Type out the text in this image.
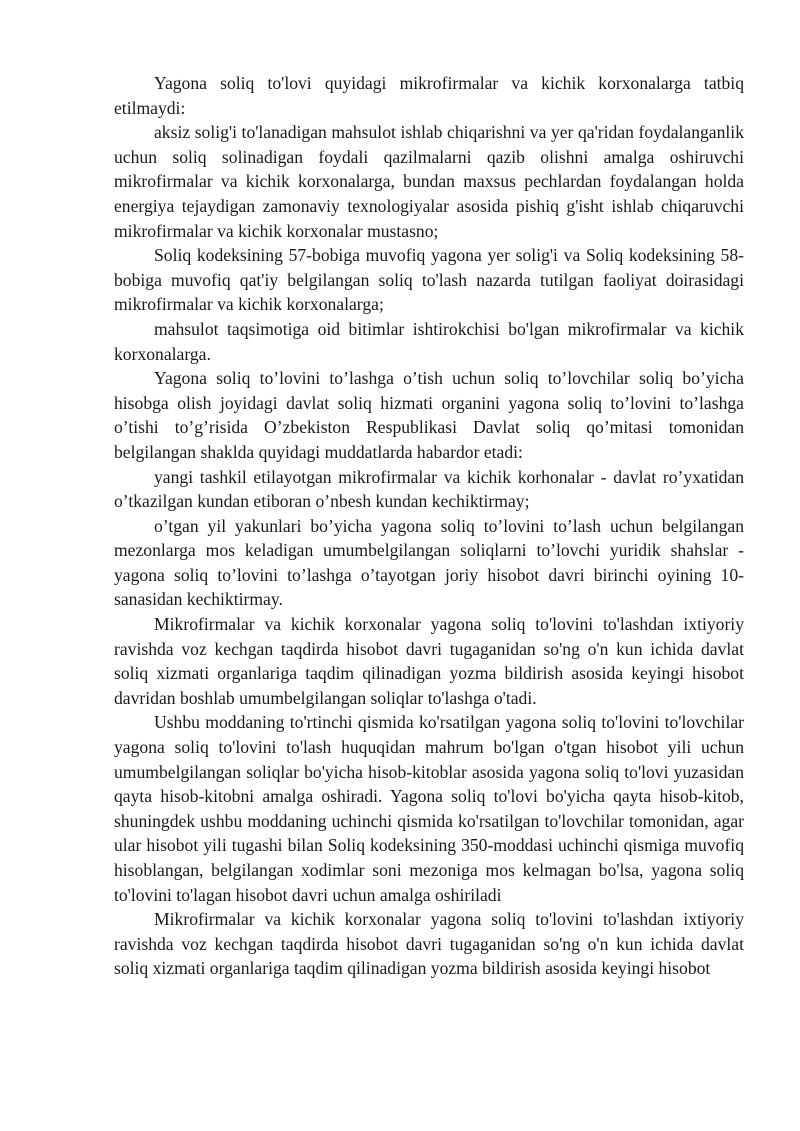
Yagona soliq to'lovi quyidagi mikrofirmalar va kichik korxonalarga tatbiq etilmaydi:

aksiz solig'i to'lanadigan mahsulot ishlab chiqarishni va yer qa'ridan foydalanganlik uchun soliq solinadigan foydali qazilmalarni qazib olishni amalga oshiruvchi mikrofirmalar va kichik korxonalarga, bundan maxsus pechlardan foydalangan holda energiya tejaydigan zamonaviy texnologiyalar asosida pishiq g'isht ishlab chiqaruvchi mikrofirmalar va kichik korxonalar mustasno;

Soliq kodeksining 57-bobiga muvofiq yagona yer solig'i va Soliq kodeksining 58-bobiga muvofiq qat'iy belgilangan soliq to'lash nazarda tutilgan faoliyat doirasidagi mikrofirmalar va kichik korxonalarga;

mahsulot taqsimotiga oid bitimlar ishtirokchisi bo'lgan mikrofirmalar va kichik korxonalarga.

Yagona soliq to’lovini to’lashga o’tish uchun soliq to’lovchilar soliq bo’yicha hisobga olish joyidagi davlat soliq hizmati organini yagona soliq to’lovini to’lashga o’tishi to’g’risida O’zbekiston Respublikasi Davlat soliq qo’mitasi tomonidan belgilangan shaklda quyidagi muddatlarda habardor etadi:

yangi tashkil etilayotgan mikrofirmalar va kichik korhonalar - davlat ro’yxatidan o’tkazilgan kundan etiboran o’nbesh kundan kechiktirmay;

o’tgan yil yakunlari bo’yicha yagona soliq to’lovini to’lash uchun belgilangan mezonlarga mos keladigan umumbelgilangan soliqlarni to’lovchi yuridik shahslar - yagona soliq to’lovini to’lashga o’tayotgan joriy hisobot davri birinchi oyining 10-sanasidan kechiktirmay.

Mikrofirmalar va kichik korxonalar yagona soliq to'lovini to'lashdan ixtiyoriy ravishda voz kechgan taqdirda hisobot davri tugaganidan so'ng o'n kun ichida davlat soliq xizmati organlariga taqdim qilinadigan yozma bildirish asosida keyingi hisobot davridan boshlab umumbelgilangan soliqlar to'lashga o'tadi.

Ushbu moddaning to'rtinchi qismida ko'rsatilgan yagona soliq to'lovini to'lovchilar yagona soliq to'lovini to'lash huquqidan mahrum bo'lgan o'tgan hisobot yili uchun umumbelgilangan soliqlar bo'yicha hisob-kitoblar asosida yagona soliq to'lovi yuzasidan qayta hisob-kitobni amalga oshiradi. Yagona soliq to'lovi bo'yicha qayta hisob-kitob, shuningdek ushbu moddaning uchinchi qismida ko'rsatilgan to'lovchilar tomonidan, agar ular hisobot yili tugashi bilan Soliq kodeksining 350-moddasi uchinchi qismiga muvofiq hisoblangan, belgilangan xodimlar soni mezoniga mos kelmagan bo'lsa, yagona soliq to'lovini to'lagan hisobot davri uchun amalga oshiriladi

Mikrofirmalar va kichik korxonalar yagona soliq to'lovini to'lashdan ixtiyoriy ravishda voz kechgan taqdirda hisobot davri tugaganidan so'ng o'n kun ichida davlat soliq xizmati organlariga taqdim qilinadigan yozma bildirish asosida keyingi hisobot
